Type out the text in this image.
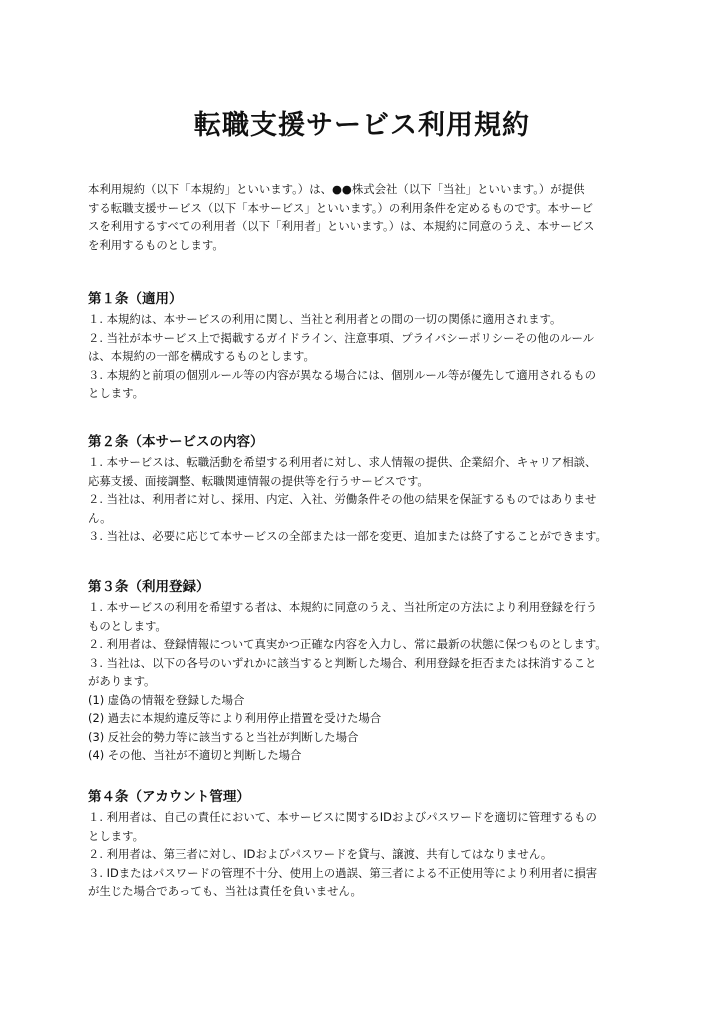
転職支援サービス利用規約

本利用規約（以下「本規約」といいます。）は、●●株式会社（以下「当社」といいます。）が提供

する転職支援サービス（以下「本サービス」といいます。）の利用条件を定めるものです。本サービ

スを利用するすべての利用者（以下「利用者」といいます。）は、本規約に同意のうえ、本サービス

を利用するものとします。

第１条（適用）

１. 本規約は、本サービスの利用に関し、当社と利用者との間の一切の関係に適用されます。

２. 当社が本サービス上で掲載するガイドライン、注意事項、プライバシーポリシーその他のルール

は、本規約の一部を構成するものとします。

３. 本規約と前項の個別ルール等の内容が異なる場合には、個別ルール等が優先して適用されるもの

とします。

第２条（本サービスの内容）

１. 本サービスは、転職活動を希望する利用者に対し、求人情報の提供、企業紹介、キャリア相談、

応募支援、面接調整、転職関連情報の提供等を行うサービスです。

２. 当社は、利用者に対し、採用、内定、入社、労働条件その他の結果を保証するものではありませ

ん。

３. 当社は、必要に応じて本サービスの全部または一部を変更、追加または終了することができます。

第３条（利用登録）

１. 本サービスの利用を希望する者は、本規約に同意のうえ、当社所定の方法により利用登録を行う

ものとします。

２. 利用者は、登録情報について真実かつ正確な内容を入力し、常に最新の状態に保つものとします。

３. 当社は、以下の各号のいずれかに該当すると判断した場合、利用登録を拒否または抹消すること

があります。

(1) 虚偽の情報を登録した場合

(2) 過去に本規約違反等により利用停止措置を受けた場合

(3) 反社会的勢力等に該当すると当社が判断した場合

(4) その他、当社が不適切と判断した場合

第４条（アカウント管理）

１. 利用者は、自己の責任において、本サービスに関するIDおよびパスワードを適切に管理するもの

とします。

２. 利用者は、第三者に対し、IDおよびパスワードを貸与、譲渡、共有してはなりません。

３. IDまたはパスワードの管理不十分、使用上の過誤、第三者による不正使用等により利用者に損害

が生じた場合であっても、当社は責任を負いません。
